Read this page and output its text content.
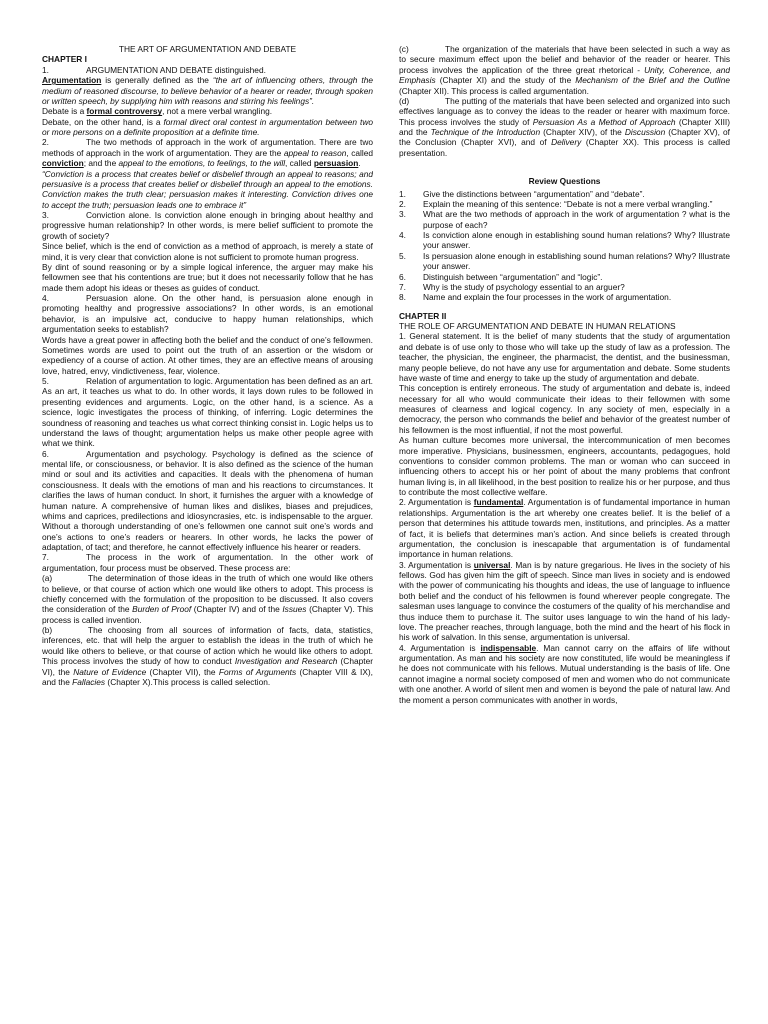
THE ART OF ARGUMENTATION AND DEBATE

CHAPTER I

1.	ARGUMENTATION AND DEBATE distinguished.

Argumentation is generally defined as the “the art of influencing others, through the medium of reasoned discourse, to believe behavior of a hearer or reader, through spoken or written speech, by supplying him with reasons and stirring his feelings”.

Debate is a formal controversy, not a mere verbal wrangling.

Debate, on the other hand, is a formal direct oral contest in argumentation between two or more persons on a definite proposition at a definite time.

2.	The two methods of approach in the work of argumentation. There are two methods of approach in the work of argumentation. They are the appeal to reason, called conviction; and the appeal to the emotions, to feelings, to the will, called persuasion.

“Conviction is a process that creates belief or disbelief through an appeal to reasons; and persuasive is a process that creates belief or disbelief through an appeal to the emotions. Conviction makes the truth clear; persuasion makes it interesting. Conviction drives one to accept the truth; persuasion leads one to embrace it”

3.	Conviction alone. Is conviction alone enough in bringing about healthy and progressive human relationship? In other words, is mere belief sufficient to promote the growth of society?

Since belief, which is the end of conviction as a method of approach, is merely a state of mind, it is very clear that conviction alone is not sufficient to promote human progress.

By dint of sound reasoning or by a simple logical inference, the arguer may make his fellowmen see that his contentions are true; but it does not necessarily follow that he has made them adopt his ideas or theses as guides of conduct.

4.	Persuasion alone. On the other hand, is persuasion alone enough in promoting healthy and progressive associations? In other words, is an emotional behavior, is an impulsive act, conducive to happy human relationships, which argumentation seeks to establish?

Words have a great power in affecting both the belief and the conduct of one’s fellowmen. Sometimes words are used to point out the truth of an assertion or the wisdom or expediency of a course of action. At other times, they are an effective means of arousing love, hatred, envy, vindictiveness, fear, violence.

5.	Relation of argumentation to logic. Argumentation has been defined as an art. As an art, it teaches us what to do. In other words, it lays down rules to be followed in presenting evidences and arguments. Logic, on the other hand, is a science. As a science, logic investigates the process of thinking, of inferring. Logic determines the soundness of reasoning and teaches us what correct thinking consist in. Logic helps us to understand the laws of thought; argumentation helps us make other people agree with what we think.

6.	Argumentation and psychology. Psychology is defined as the science of mental life, or consciousness, or behavior. It is also defined as the science of the human mind or soul and its activities and capacities. It deals with the phenomena of human consciousness. It deals with the emotions of man and his reactions to circumstances. It clarifies the laws of human conduct. In short, it furnishes the arguer with a knowledge of human nature. A comprehensive of human likes and dislikes, biases and prejudices, whims and caprices, predilections and idiosyncrasies, etc. is indispensable to the arguer. Without a thorough understanding of one’s fellowmen one cannot suit one’s words and one’s actions to one’s readers or hearers. In other words, he lacks the power of adaptation, of tact; and therefore, he cannot effectively influence his hearer or readers.

7.	The process in the work of argumentation. In the other work of argumentation, four process must be observed. These process are:

(a)	The determination of those ideas in the truth of which one would like others to believe, or that course of action which one would like others to adopt. This process is chiefly concerned with the formulation of the proposition to be discussed. It also covers the consideration of the Burden of Proof (Chapter IV) and of the Issues (Chapter V). This process is called invention.

(b)	The choosing from all sources of information of facts, data, statistics, inferences, etc. that will help the arguer to establish the ideas in the truth of which he would like others to believe, or that course of action which he would like others to adopt. This process involves the study of how to conduct Investigation and Research (Chapter VI), the Nature of Evidence (Chapter VII), the Forms of Arguments (Chapter VIII & IX), and the Fallacies (Chapter X).This process is called selection.

(c)	The organization of the materials that have been selected in such a way as to secure maximum effect upon the belief and behavior of the reader or hearer. This process involves the application of the three great rhetorical - Unity, Coherence, and Emphasis (Chapter XI) and the study of the Mechanism of the Brief and the Outline (Chapter XII). This process is called argumentation.

(d)	The putting of the materials that have been selected and organized into such effectives language as to convey the ideas to the reader or hearer with maximum force. This process involves the study of Persuasion As a Method of Approach (Chapter XIII) and the Technique of the Introduction (Chapter XIV), of the Discussion (Chapter XV), of the Conclusion (Chapter XVI), and of Delivery (Chapter XX). This process is called presentation.

Review Questions

1.	Give the distinctions between “argumentation” and “debate”.
2.	Explain the meaning of this sentence: “Debate is not a mere verbal wrangling.”
3.	What are the two methods of approach in the work of argumentation ? what is the purpose of each?
4.	Is conviction alone enough in establishing sound human relations? Why? Illustrate your answer.
5.	Is persuasion alone enough in establishing sound human relations? Why? Illustrate your answer.
6.	Distinguish between “argumentation” and “logic”.
7.	Why is the study of psychology essential to an arguer?
8.	Name and explain the four processes in the work of argumentation.

CHAPTER II

THE ROLE OF ARGUMENTATION AND DEBATE IN HUMAN RELATIONS

1. General statement. It is the belief of many students that the study of argumentation and debate is of use only to those who will take up the study of law as a profession. The teacher, the physician, the engineer, the pharmacist, the dentist, and the businessman, many people believe, do not have any use for argumentation and debate. Some students have waste of time and energy to take up the study of argumentation and debate.

This conception is entirely erroneous. The study of argumentation and debate is, indeed necessary for all who would communicate their ideas to their fellowmen with some measures of clearness and logical cogency. In any society of men, especially in a democracy, the person who commands the belief and behavior of the greatest number of his fellowmen is the most influential, if not the most powerful.

As human culture becomes more universal, the intercommunication of men becomes more imperative. Physicians, businessmen, engineers, accountants, pedagogues, hold conventions to consider common problems. The man or woman who can succeed in influencing others to accept his or her point of about the many problems that confront human living is, in all likelihood, in the best position to realize his or her purpose, and thus to contribute the most collective welfare.

2. Argumentation is fundamental. Argumentation is of fundamental importance in human relationships. Argumentation is the art whereby one creates belief. It is the belief of a person that determines his attitude towards men, institutions, and principles. As a matter of fact, it is beliefs that determines man’s action. And since beliefs is created through argumentation, the conclusion is inescapable that argumentation is of fundamental importance in human relations.

3. Argumentation is universal. Man is by nature gregarious. He lives in the society of his fellows. God has given him the gift of speech. Since man lives in society and is endowed with the power of communicating his thoughts and ideas, the use of language to influence both belief and the conduct of his fellowmen is found wherever people congregate. The salesman uses language to convince the costumers of the quality of his merchandise and thus induce them to purchase it. The suitor uses language to win the hand of his lady-love. The preacher reaches, through language, both the mind and the heart of his flock in his work of salvation. In this sense, argumentation is universal.

4. Argumentation is indispensable. Man cannot carry on the affairs of life without argumentation. As man and his society are now constituted, life would be meaningless if he does not communicate with his fellows. Mutual understanding is the basis of life. One cannot imagine a normal society composed of men and women who do not communicate with one another. A world of silent men and women is beyond the pale of natural law. And the moment a person communicates with another in words,
